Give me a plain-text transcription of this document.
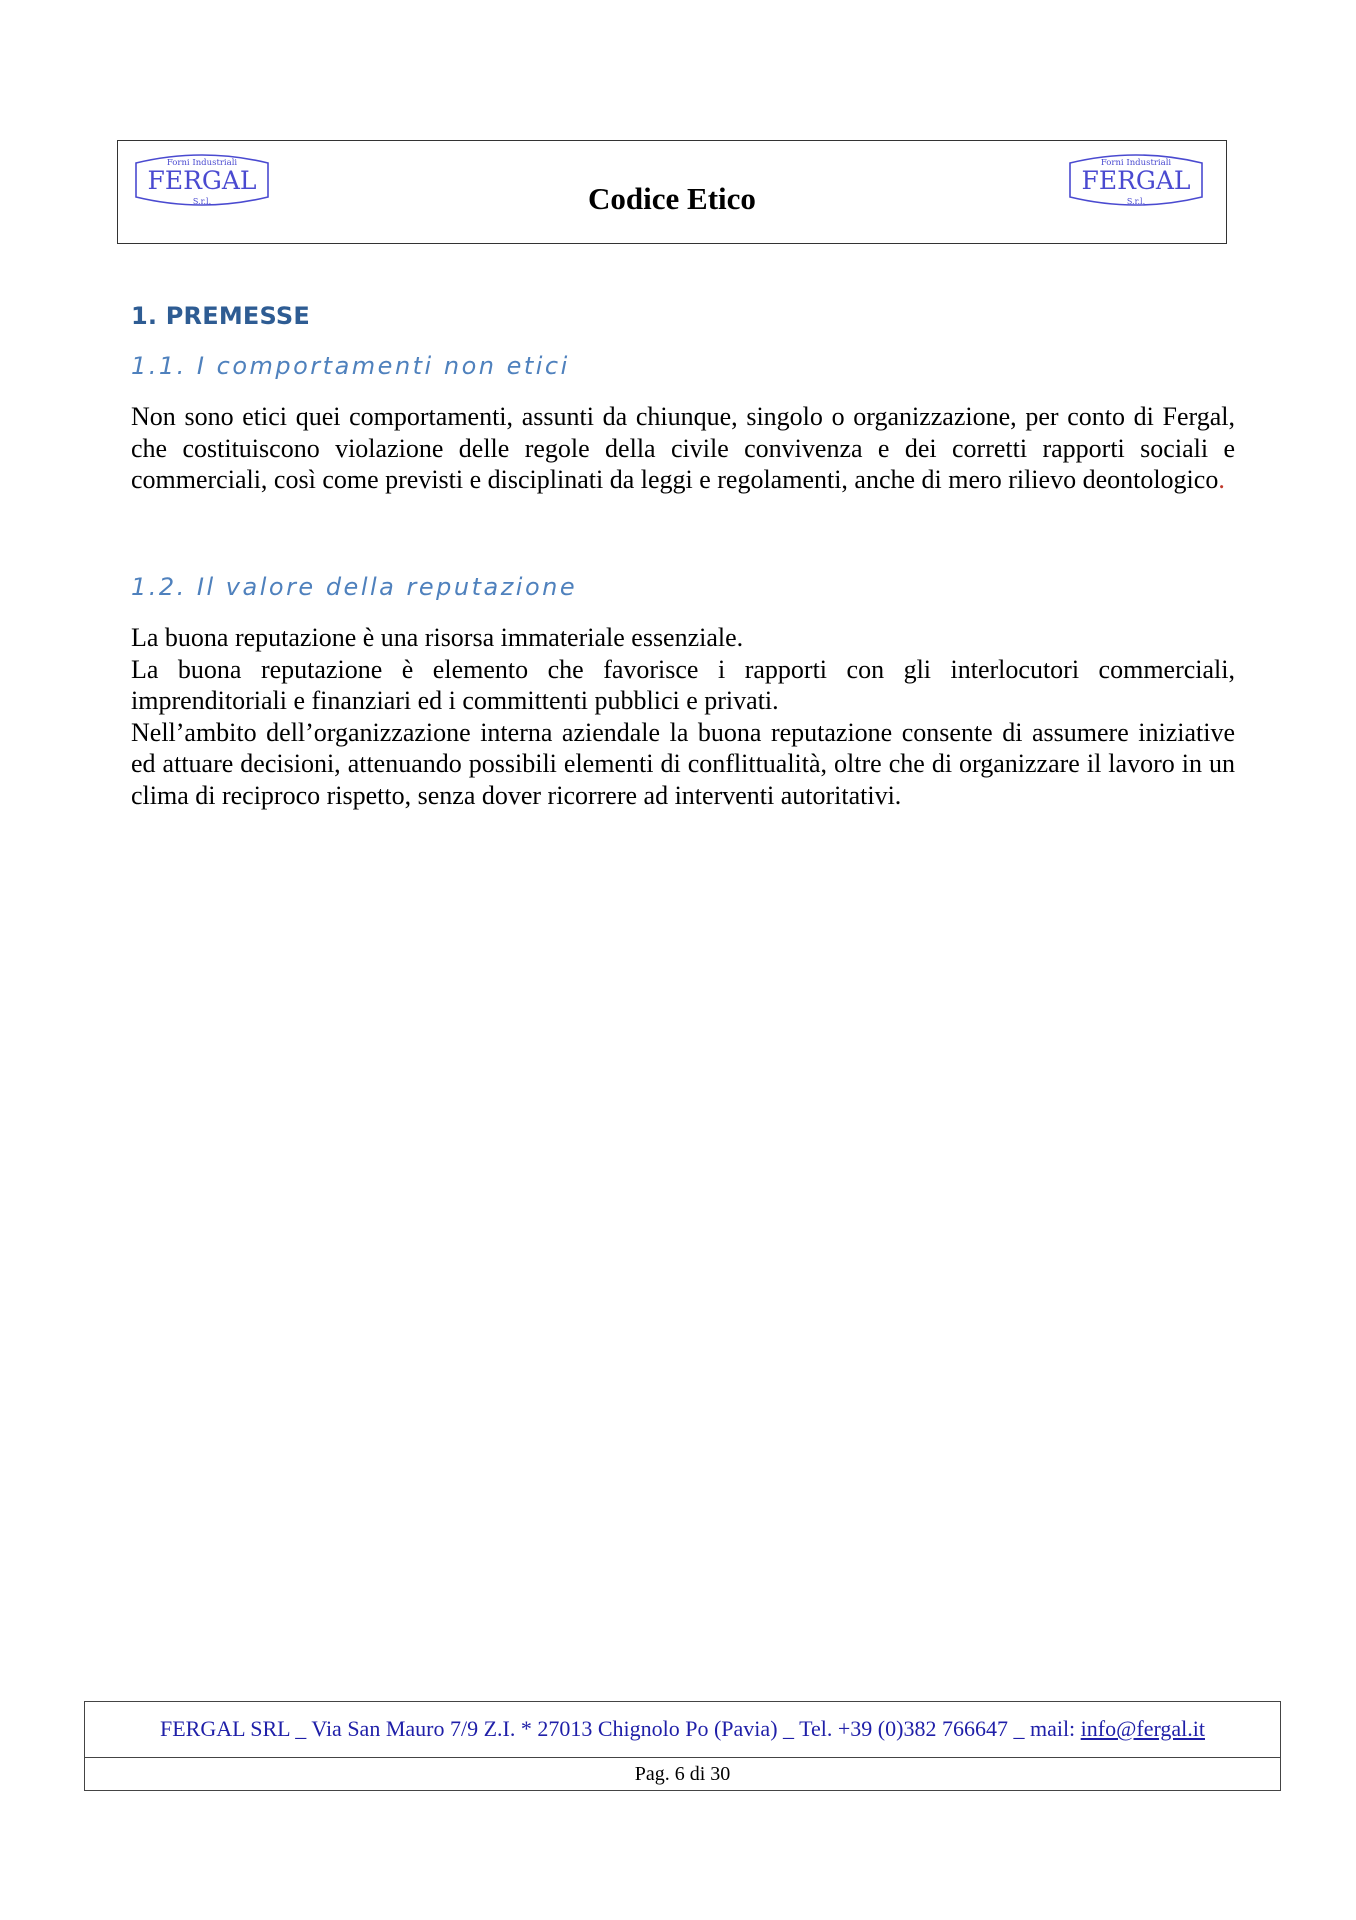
Forni Industriali
FERGAL
S.r.l.	Codice Etico
Forni Industriali
FERGAL
S.r.l.
1. PREMESSE
1.1. I comportamenti non etici
Non sono etici quei comportamenti, assunti da chiunque, singolo o organizzazione, per conto di Fergal, che costituiscono violazione delle regole della civile convivenza e dei corretti rapporti sociali e commerciali, così come previsti e disciplinati da leggi e regolamenti, anche di mero rilievo deontologico.
1.2. Il valore della reputazione

La buona reputazione è una risorsa immateriale essenziale.

La buona reputazione è elemento che favorisce i rapporti con gli interlocutori commerciali, imprenditoriali e finanziari ed i committenti pubblici e privati.

Nell’ambito dell’organizzazione interna aziendale la buona reputazione consente di assumere iniziative ed attuare decisioni, attenuando possibili elementi di conflittualità, oltre che di organizzare il lavoro in un clima di reciproco rispetto, senza dover ricorrere ad interventi autoritativi.

FERGAL SRL _ Via San Mauro 7/9 Z.I. * 27013 Chignolo Po (Pavia) _ Tel. +39 (0)382 766647 _ mail: info@fergal.it
Pag. 6 di 30
